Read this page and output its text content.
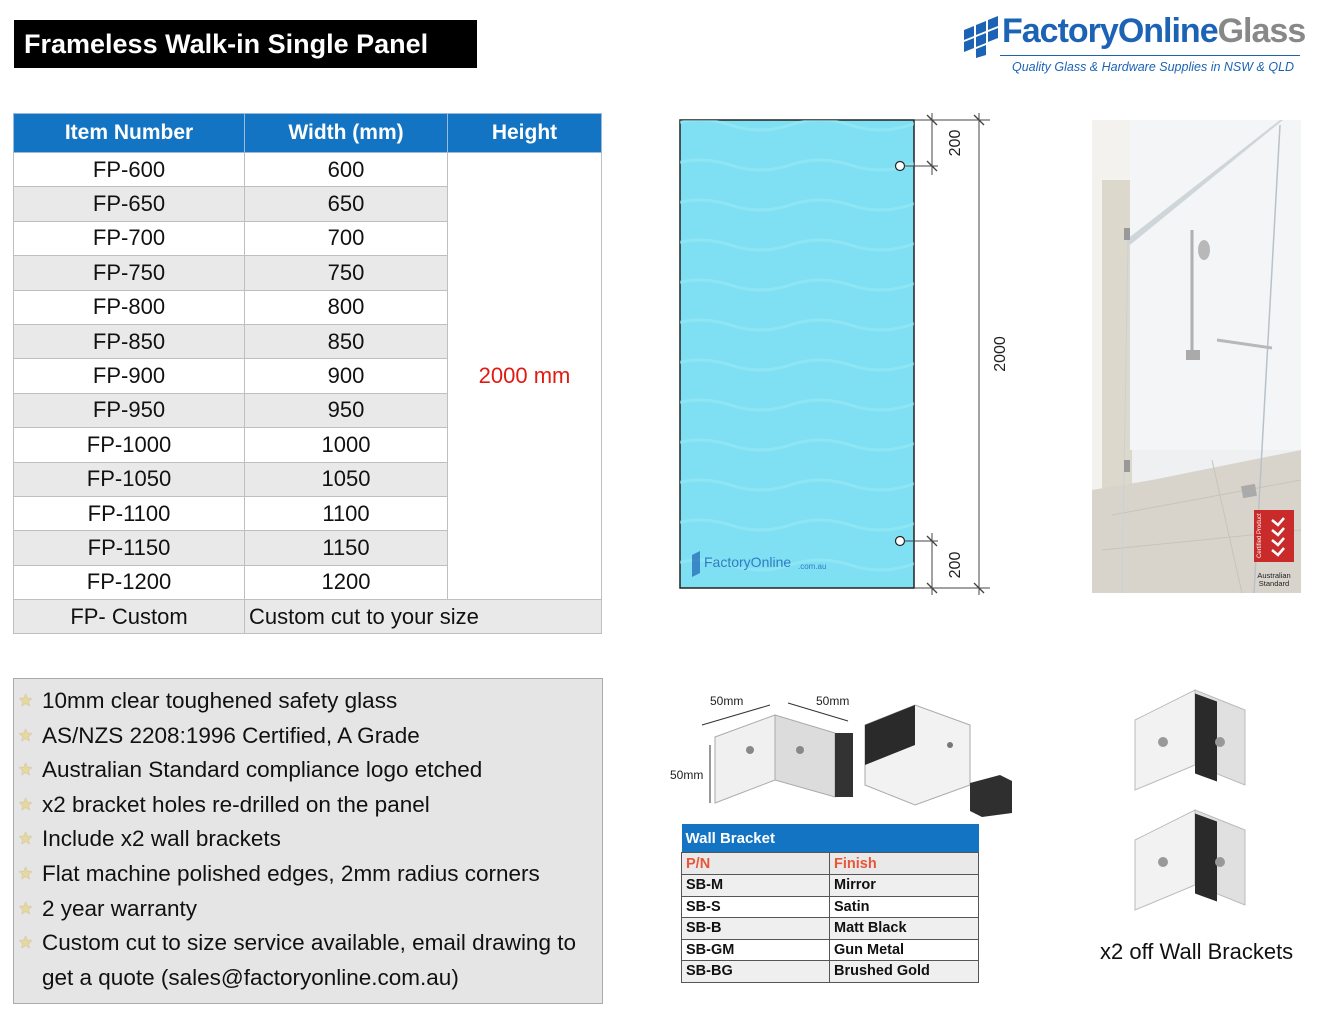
Frameless Walk-in Single Panel	FactoryOnlineGlass
Quality Glass & Hardware Supplies in NSW & QLD
Item Number	Width (mm)	Height
FP-600	600	2000 mm
FP-650	650	
FP-700	700	
FP-750	750	
FP-800	800	
FP-850	850	
FP-900	900	
FP-950	950	
FP-1000	1000	
FP-1050	1050	
FP-1100	1100	
FP-1150	1150	
FP-1200	1200	
FP- Custom	Custom cut to your size	
200
2000
200
FactoryOnline .com.au
Certified Product
Australian
Standard
★ 10mm clear toughened safety glass
★ AS/NZS 2208:1996 Certified, A Grade
★ Australian Standard compliance logo etched
★ x2 bracket holes re-drilled on the panel
★ Include x2 wall brackets
★ Flat machine polished edges, 2mm radius corners
★ 2 year warranty
★ Custom cut to size service available, email drawing to get a quote (sales@factoryonline.com.au)
50mm	50mm
50mm
Wall Bracket	
P/N	Finish
SB-M	Mirror
SB-S	Satin
SB-B	Matt Black
SB-GM	Gun Metal
SB-BG	Brushed Gold
x2 off Wall Brackets
